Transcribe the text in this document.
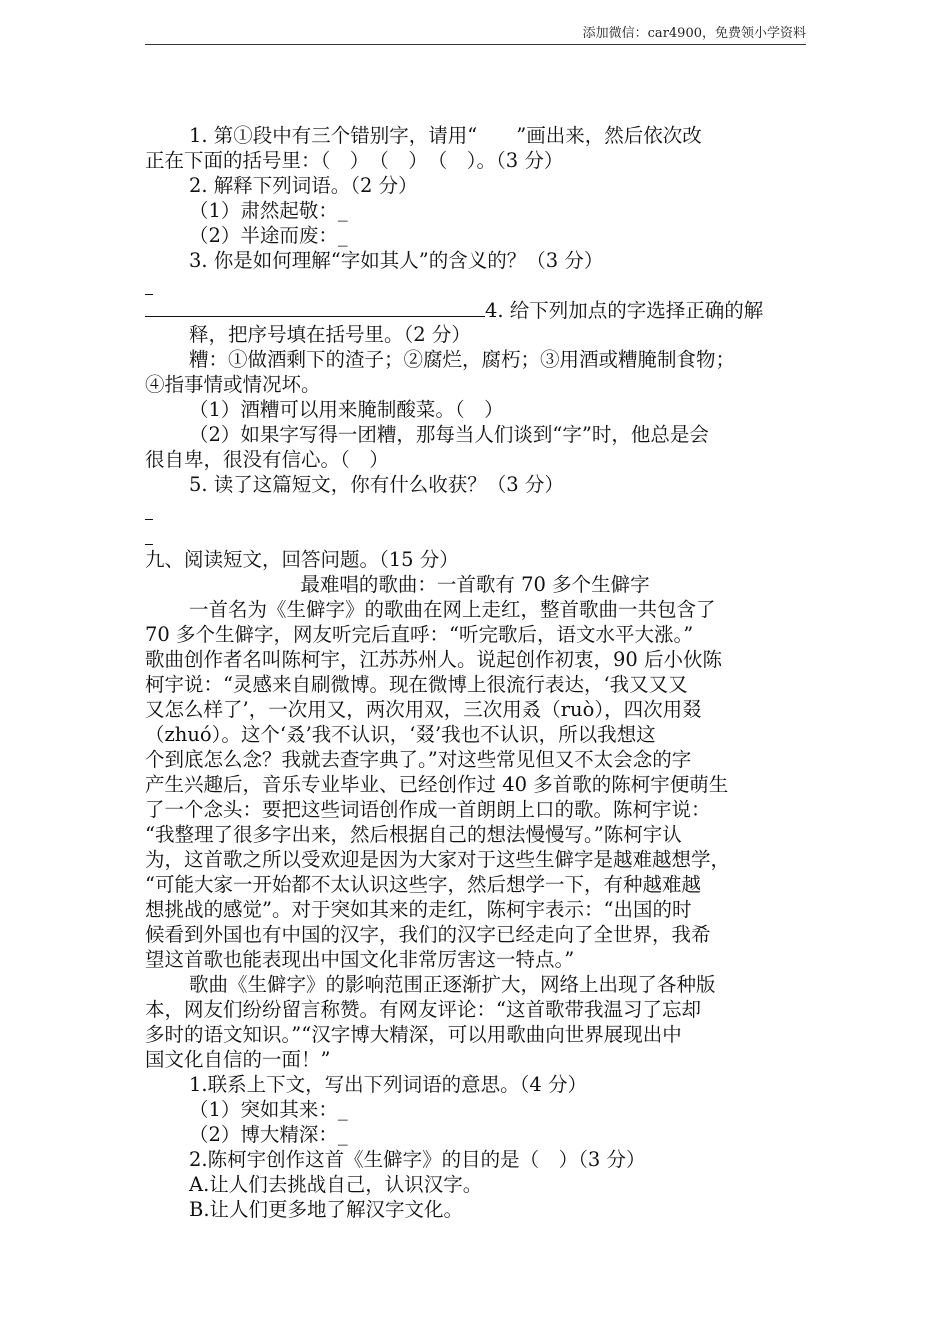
添加微信：car4900，免费领小学资料
1. 第①段中有三个错别字，请用“　　”画出来，然后依次改
正在下面的括号里：（　）　（　）　（　）。（3 分）
2. 解释下列词语。（2 分）
（1）肃然起敬：_
（2）半途而废：_
3. 你是如何理解“字如其人”的含义的？（3 分）
4. 给下列加点的字选择正确的解
释，把序号填在括号里。（2 分）
糟：①做酒剩下的渣子；②腐烂，腐朽；③用酒或糟腌制食物；
④指事情或情况坏。
（1）酒糟可以用来腌制酸菜。（　）
（2）如果字写得一团糟，那每当人们谈到“字”时，他总是会
很自卑，很没有信心。（　）
5. 读了这篇短文，你有什么收获？（3 分）
九、阅读短文，回答问题。（15 分）
最难唱的歌曲：一首歌有 70 多个生僻字
一首名为《生僻字》的歌曲在网上走红，整首歌曲一共包含了
70 多个生僻字，网友听完后直呼：“听完歌后，语文水平大涨。”
歌曲创作者名叫陈柯宇，江苏苏州人。说起创作初衷，90 后小伙陈
柯宇说：“灵感来自刷微博。现在微博上很流行表达，‘我又又又
又怎么样了’，一次用又，两次用双，三次用叒（ruò），四次用叕
（zhuó）。这个‘叒’我不认识，‘叕’我也不认识，所以我想这
个到底怎么念？我就去查字典了。”对这些常见但又不太会念的字
产生兴趣后，音乐专业毕业、已经创作过 40 多首歌的陈柯宇便萌生
了一个念头：要把这些词语创作成一首朗朗上口的歌。陈柯宇说：
“我整理了很多字出来，然后根据自己的想法慢慢写。”陈柯宇认
为，这首歌之所以受欢迎是因为大家对于这些生僻字是越难越想学，
“可能大家一开始都不太认识这些字，然后想学一下，有种越难越
想挑战的感觉”。对于突如其来的走红，陈柯宇表示：“出国的时
候看到外国也有中国的汉字，我们的汉字已经走向了全世界，我希
望这首歌也能表现出中国文化非常厉害这一特点。”
歌曲《生僻字》的影响范围正逐渐扩大，网络上出现了各种版
本，网友们纷纷留言称赞。有网友评论：“这首歌带我温习了忘却
多时的语文知识。”“汉字博大精深，可以用歌曲向世界展现出中
国文化自信的一面！”
1.联系上下文，写出下列词语的意思。（4 分）
（1）突如其来：_
（2）博大精深：_
2.陈柯宇创作这首《生僻字》的目的是（　）（3 分）
A.让人们去挑战自己，认识汉字。
B.让人们更多地了解汉字文化。
